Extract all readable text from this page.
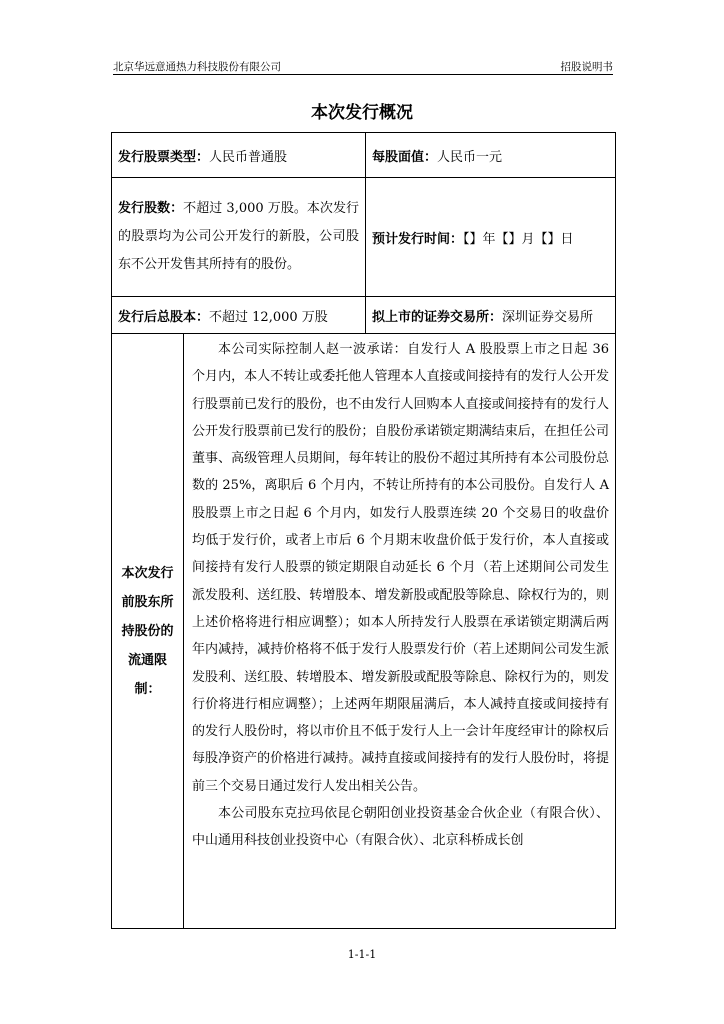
北京华远意通热力科技股份有限公司	招股说明书
本次发行概况
发行股票类型：人民币普通股		每股面值：人民币一元

发行股数：不超过 3,000 万股。本次发行的股票均为公司公开发行的新股，公司股东不公开发售其所持有的股份。		预计发行时间：【】年【】月【】日
发行后总股本：不超过 12,000 万股		拟上市的证券交易所：深圳证券交易所
本次发行前股东所持股份的流通限制：	本公司实际控制人赵一波承诺：自发行人 A 股股票上市之日起 36 个月内，本人不转让或委托他人管理本人直接或间接持有的发行人公开发行股票前已发行的股份，也不由发行人回购本人直接或间接持有的发行人公开发行股票前已发行的股份；自股份承诺锁定期满结束后，在担任公司董事、高级管理人员期间，每年转让的股份不超过其所持有本公司股份总数的 25%，离职后 6 个月内，不转让所持有的本公司股份。自发行人 A 股股票上市之日起 6 个月内，如发行人股票连续 20 个交易日的收盘价均低于发行价，或者上市后 6 个月期末收盘价低于发行价，本人直接或间接持有发行人股票的锁定期限自动延长 6 个月（若上述期间公司发生派发股利、送红股、转增股本、增发新股或配股等除息、除权行为的，则上述价格将进行相应调整）；如本人所持发行人股票在承诺锁定期满后两年内减持，减持价格将不低于发行人股票发行价（若上述期间公司发生派发股利、送红股、转增股本、增发新股或配股等除息、除权行为的，则发行价将进行相应调整）；上述两年期限届满后，本人减持直接或间接持有的发行人股份时，将以市价且不低于发行人上一会计年度经审计的除权后每股净资产的价格进行减持。减持直接或间接持有的发行人股份时，将提前三个交易日通过发行人发出相关公告。

本公司股东克拉玛依昆仑朝阳创业投资基金合伙企业（有限合伙）、中山通用科技创业投资中心（有限合伙）、北京科桥成长创	

1-1-1
